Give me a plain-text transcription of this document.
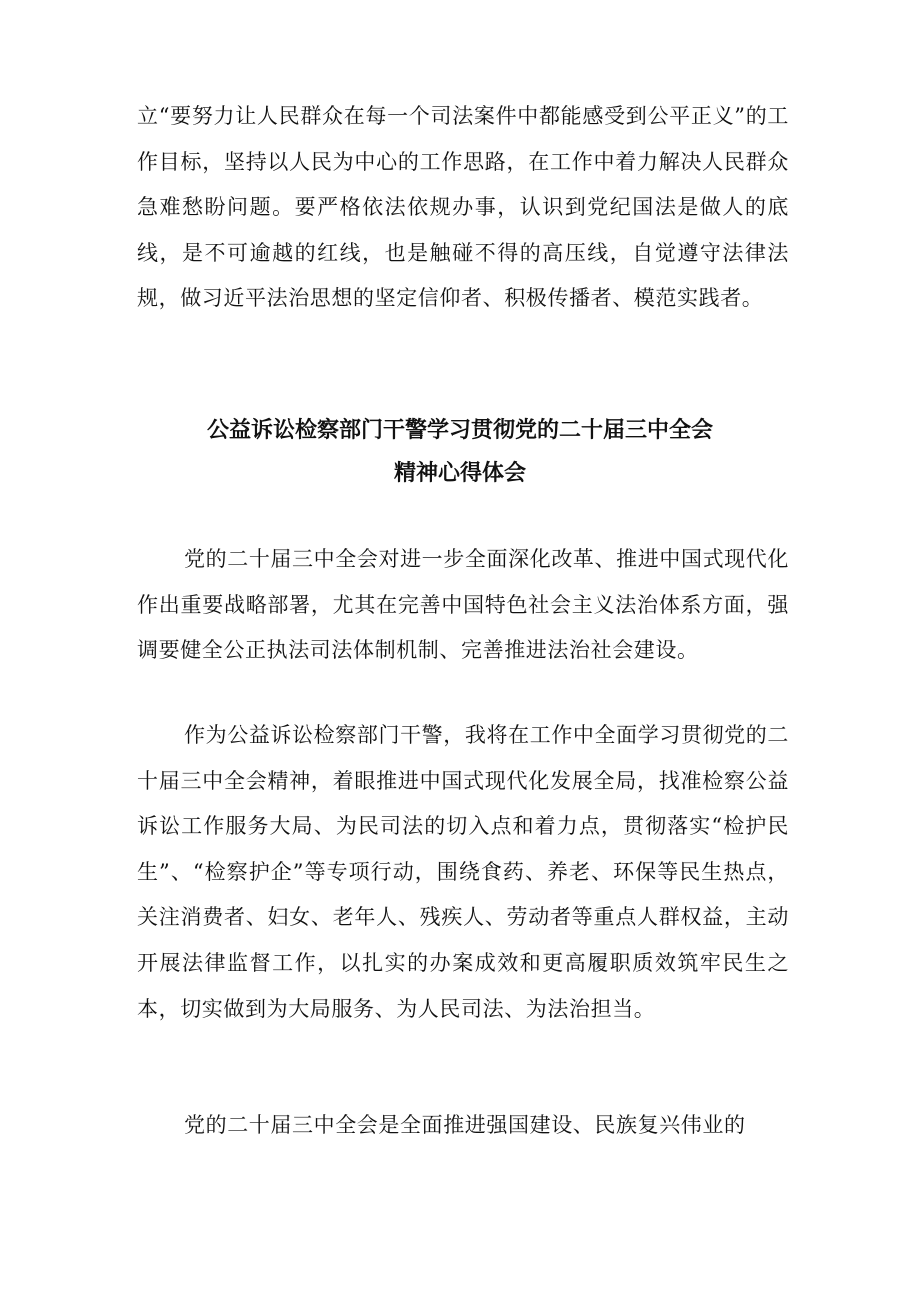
立“要努力让人民群众在每一个司法案件中都能感受到公平正义”的工作目标，坚持以人民为中心的工作思路，在工作中着力解决人民群众急难愁盼问题。要严格依法依规办事，认识到党纪国法是做人的底线，是不可逾越的红线，也是触碰不得的高压线，自觉遵守法律法规，做习近平法治思想的坚定信仰者、积极传播者、模范实践者。

公益诉讼检察部门干警学习贯彻党的二十届三中全会
精神心得体会

党的二十届三中全会对进一步全面深化改革、推进中国式现代化作出重要战略部署，尤其在完善中国特色社会主义法治体系方面，强调要健全公正执法司法体制机制、完善推进法治社会建设。

作为公益诉讼检察部门干警，我将在工作中全面学习贯彻党的二十届三中全会精神，着眼推进中国式现代化发展全局，找准检察公益诉讼工作服务大局、为民司法的切入点和着力点，贯彻落实“检护民生”、“检察护企”等专项行动，围绕食药、养老、环保等民生热点，关注消费者、妇女、老年人、残疾人、劳动者等重点人群权益，主动开展法律监督工作，以扎实的办案成效和更高履职质效筑牢民生之本，切实做到为大局服务、为人民司法、为法治担当。

党的二十届三中全会是全面推进强国建设、民族复兴伟业的
